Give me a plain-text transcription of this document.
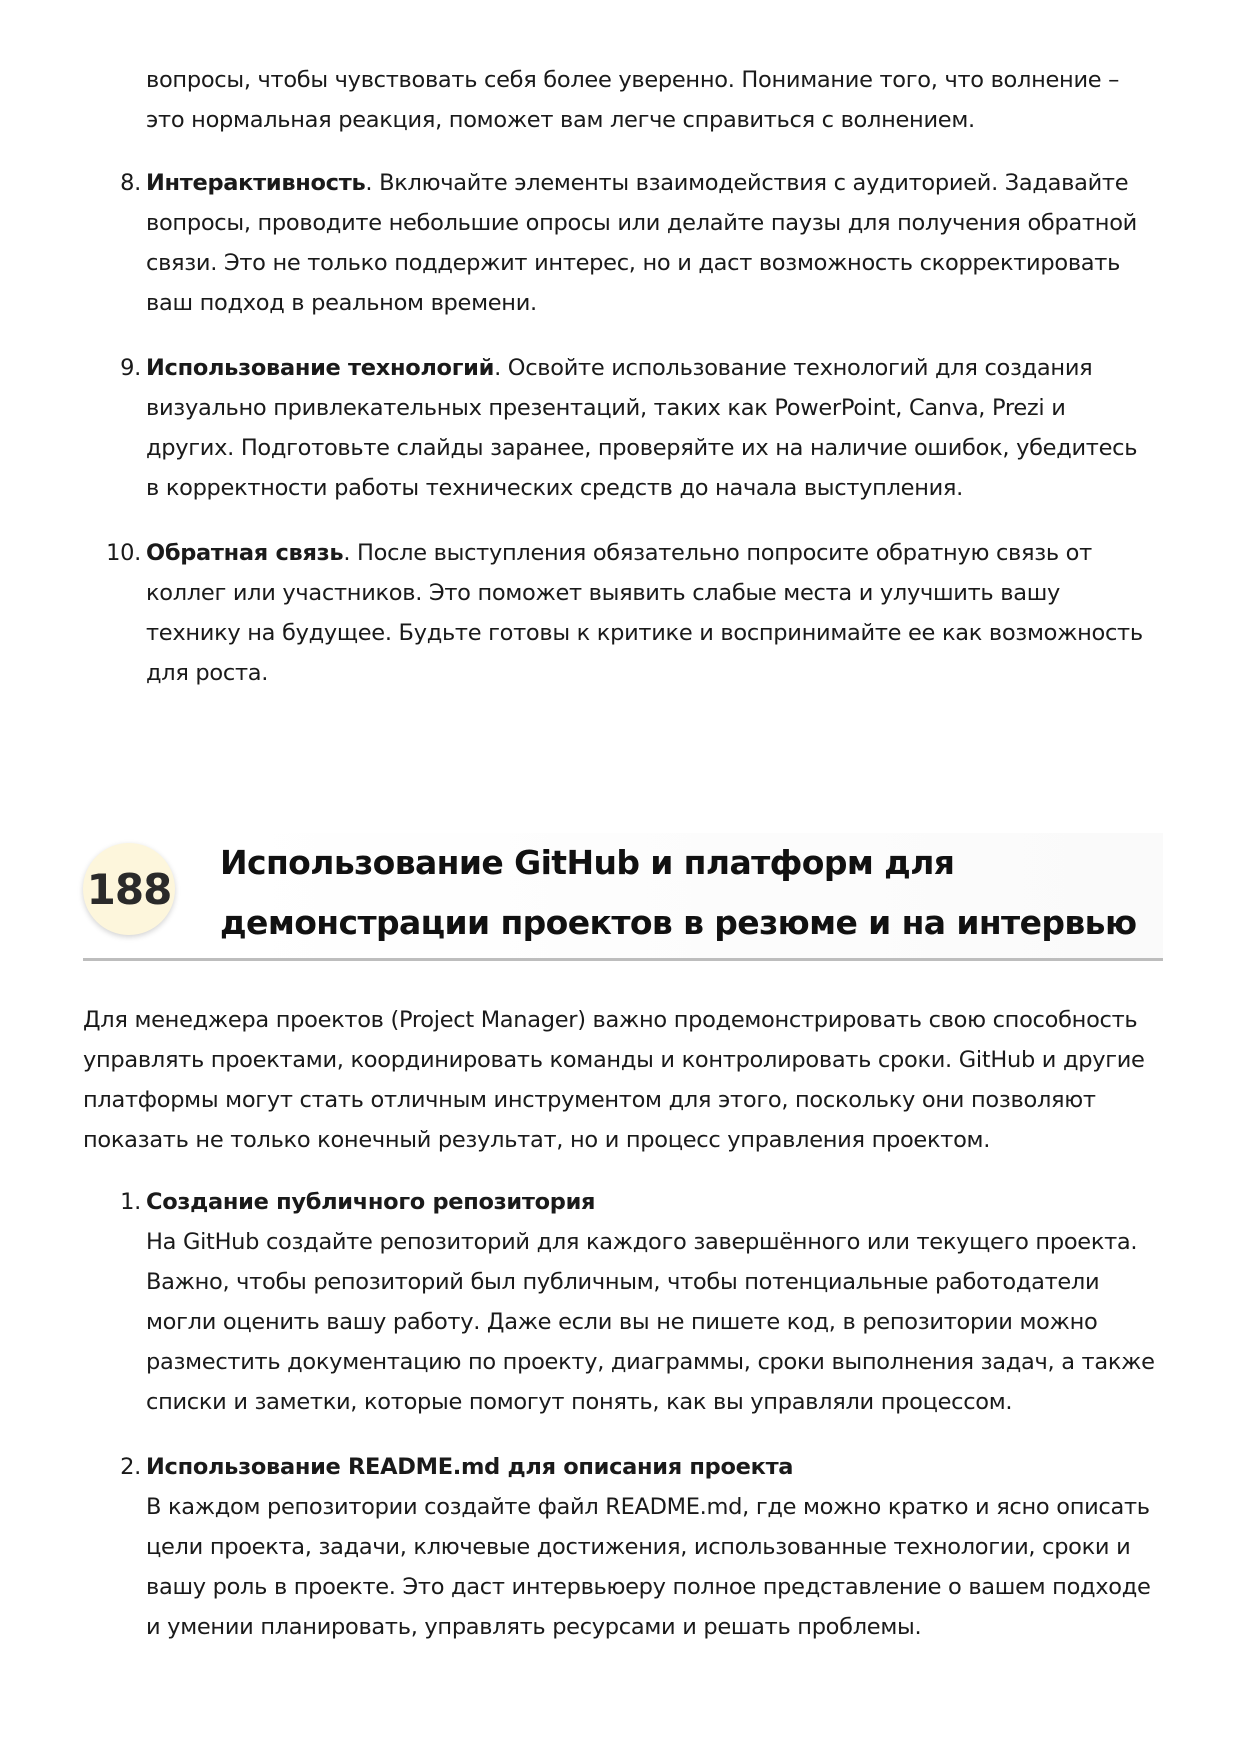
вопросы, чтобы чувствовать себя более уверенно. Понимание того, что волнение – это нормальная реакция, поможет вам легче справиться с волнением.

8. Интерактивность. Включайте элементы взаимодействия с аудиторией. Задавайте вопросы, проводите небольшие опросы или делайте паузы для получения обратной связи. Это не только поддержит интерес, но и даст возможность скорректировать ваш подход в реальном времени.
9. Использование технологий. Освойте использование технологий для создания визуально привлекательных презентаций, таких как PowerPoint, Canva, Prezi и других. Подготовьте слайды заранее, проверяйте их на наличие ошибок, убедитесь в корректности работы технических средств до начала выступления.
10. Обратная связь. После выступления обязательно попросите обратную связь от коллег или участников. Это поможет выявить слабые места и улучшить вашу технику на будущее. Будьте готовы к критике и воспринимайте ее как возможность для роста.
188
Использование GitHub и платформ для демонстрации проектов в резюме и на интервью

Для менеджера проектов (Project Manager) важно продемонстрировать свою способность управлять проектами, координировать команды и контролировать сроки. GitHub и другие платформы могут стать отличным инструментом для этого, поскольку они позволяют показать не только конечный результат, но и процесс управления проектом.

1. Создание публичного репозитория
На GitHub создайте репозиторий для каждого завершённого или текущего проекта. Важно, чтобы репозиторий был публичным, чтобы потенциальные работодатели могли оценить вашу работу. Даже если вы не пишете код, в репозитории можно разместить документацию по проекту, диаграммы, сроки выполнения задач, а также списки и заметки, которые помогут понять, как вы управляли процессом.
2. Использование README.md для описания проекта
В каждом репозитории создайте файл README.md, где можно кратко и ясно описать цели проекта, задачи, ключевые достижения, использованные технологии, сроки и вашу роль в проекте. Это даст интервьюеру полное представление о вашем подходе и умении планировать, управлять ресурсами и решать проблемы.
